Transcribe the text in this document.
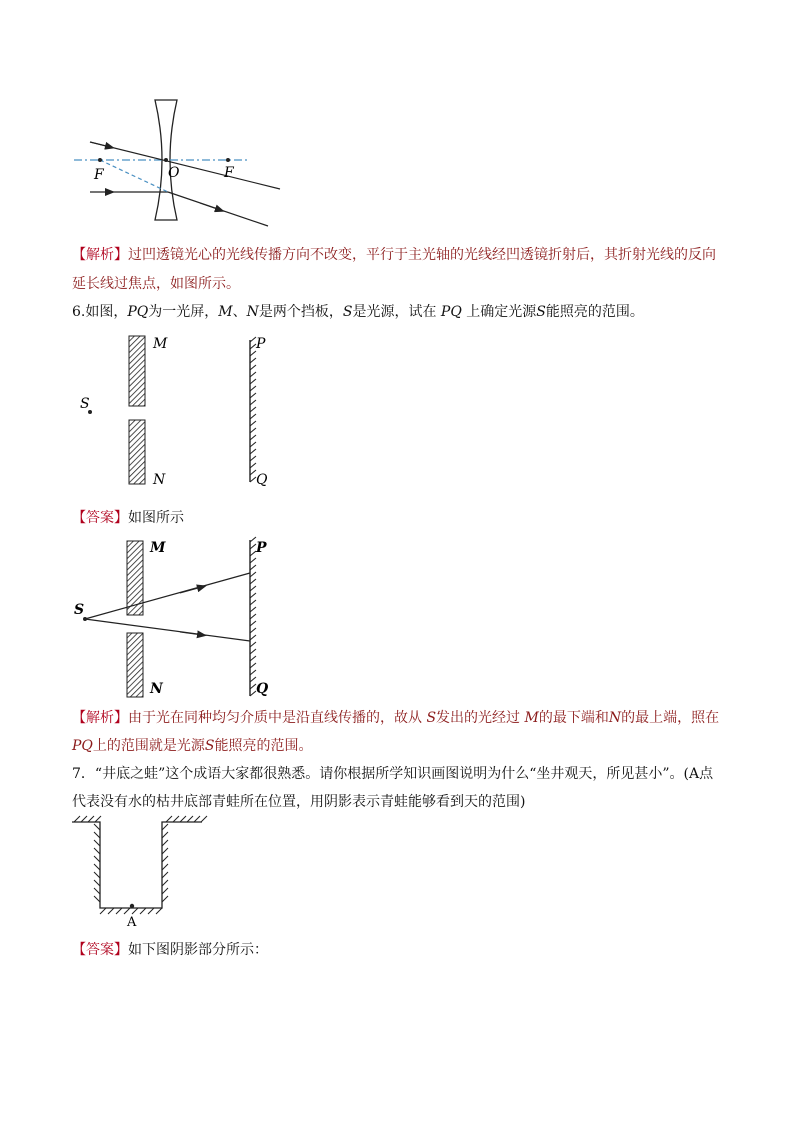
F	O	F
【解析】过凹透镜光心的光线传播方向不改变，平行于主光轴的光线经凹透镜折射后，其折射光线的反向
延长线过焦点，如图所示。
6.如图，PQ为一光屏，M、N是两个挡板，S是光源，试在 PQ 上确定光源S能照亮的范围。
S
M
N
P
Q
【答案】如图所示
S
M
N
P
Q
【解析】由于光在同种均匀介质中是沿直线传播的，故从 S发出的光经过 M的最下端和N的最上端，照在
PQ上的范围就是光源S能照亮的范围。
7．“井底之蛙”这个成语大家都很熟悉。请你根据所学知识画图说明为什么“坐井观天，所见甚小”。(A点
代表没有水的枯井底部青蛙所在位置，用阴影表示青蛙能够看到天的范围)
A
【答案】如下图阴影部分所示：
